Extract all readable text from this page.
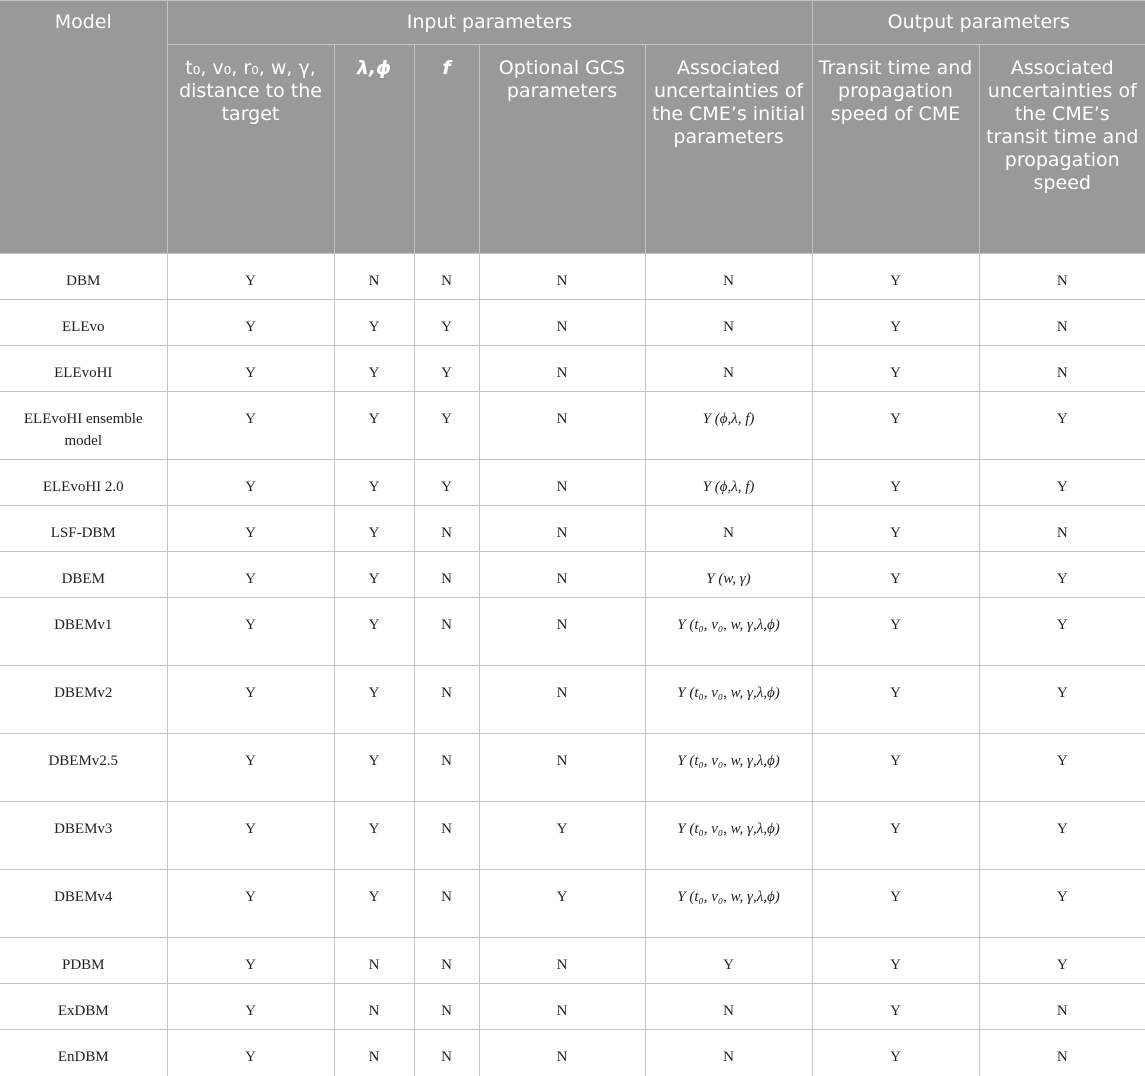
Model	Input parameters					Output parameters	
	t₀, v₀, r₀, w, γ, distance to the target	λ,ϕ	f	Optional GCS parameters	Associated uncertainties of the CME’s initial parameters	Transit time and propagation speed of CME	Associated uncertainties of the CME’s transit time and propagation speed
DBM	Y	N	N	N	N	Y	N
ELEvo	Y	Y	Y	N	N	Y	N
ELEvoHI	Y	Y	Y	N	N	Y	N
ELEvoHI ensemble model	Y	Y	Y	N	Y (ϕ,λ, f)	Y	Y
ELEvoHI 2.0	Y	Y	Y	N	Y (ϕ,λ, f)	Y	Y
LSF-DBM	Y	Y	N	N	N	Y	N
DBEM	Y	Y	N	N	Y (w, γ)	Y	Y
DBEMv1	Y	Y	N	N	Y (t₀, v₀, w, γ,λ,ϕ)	Y	Y
DBEMv2	Y	Y	N	N	Y (t₀, v₀, w, γ,λ,ϕ)	Y	Y
DBEMv2.5	Y	Y	N	N	Y (t₀, v₀, w, γ,λ,ϕ)	Y	Y
DBEMv3	Y	Y	N	Y	Y (t₀, v₀, w, γ,λ,ϕ)	Y	Y
DBEMv4	Y	Y	N	Y	Y (t₀, v₀, w, γ,λ,ϕ)	Y	Y
PDBM	Y	N	N	N	Y	Y	Y
ExDBM	Y	N	N	N	N	Y	N
EnDBM	Y	N	N	N	N	Y	N
